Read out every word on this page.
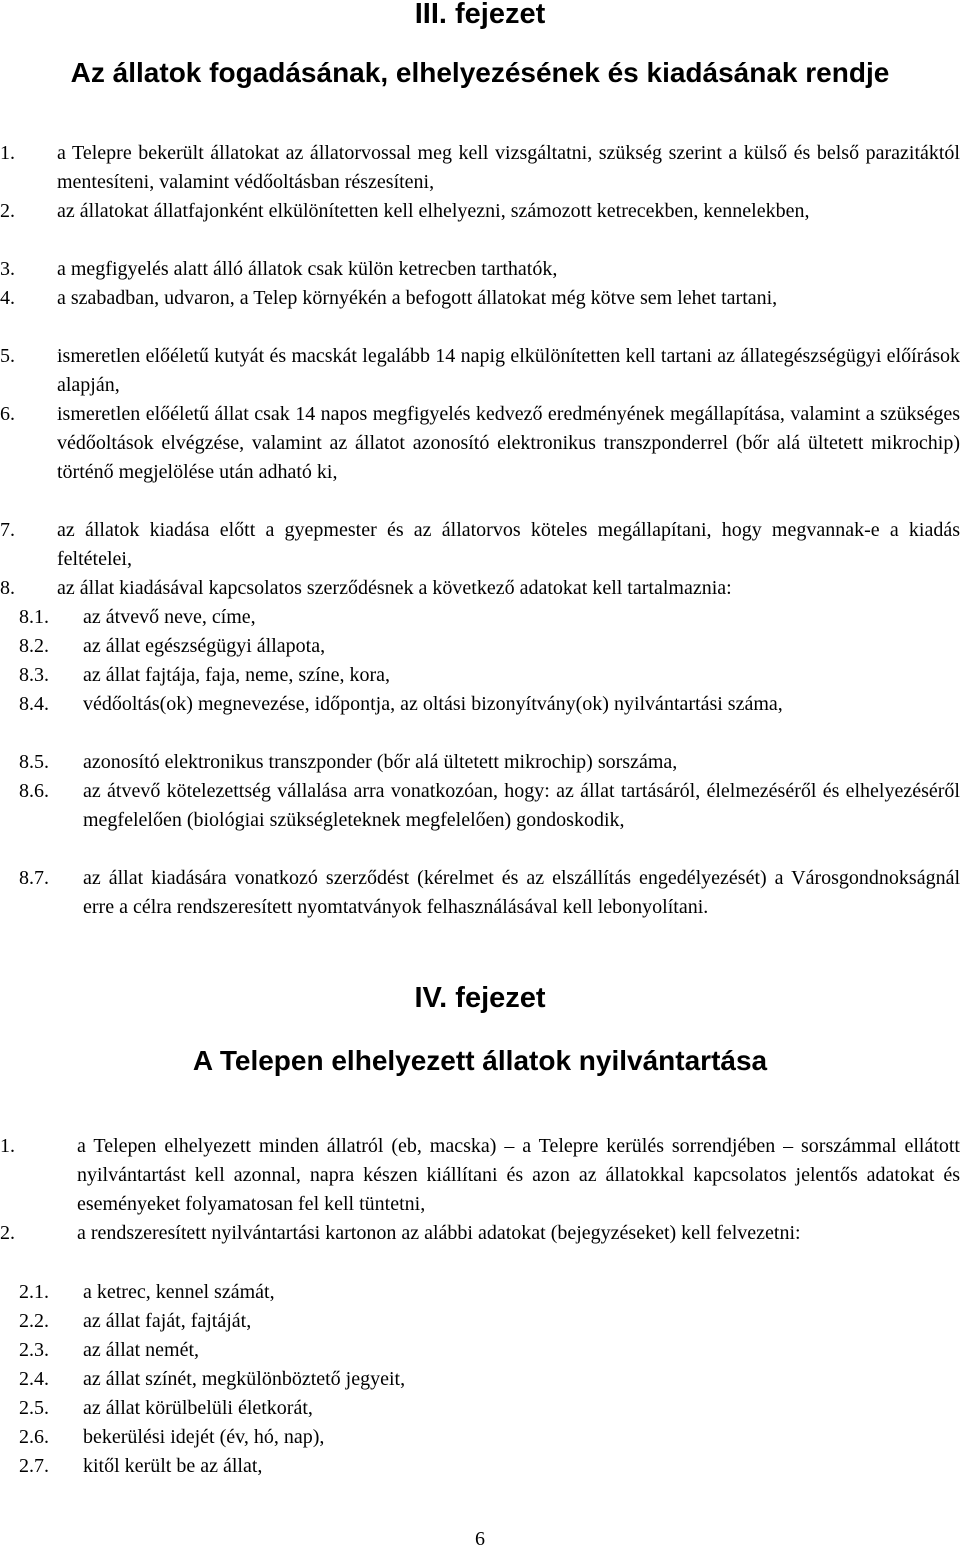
III. fejezet
Az állatok fogadásának, elhelyezésének és kiadásának rendje
1. a Telepre bekerült állatokat az állatorvossal meg kell vizsgáltatni, szükség szerint a külső és belső parazitáktól mentesíteni, valamint védőoltásban részesíteni,
2. az állatokat állatfajonként elkülönítetten kell elhelyezni, számozott ketrecekben, kennelekben,
3. a megfigyelés alatt álló állatok csak külön ketrecben tarthatók,
4. a szabadban, udvaron, a Telep környékén a befogott állatokat még kötve sem lehet tartani,
5. ismeretlen előéletű kutyát és macskát legalább 14 napig elkülönítetten kell tartani az állategészségügyi előírások alapján,
6. ismeretlen előéletű állat csak 14 napos megfigyelés kedvező eredményének megállapítása, valamint a szükséges védőoltások elvégzése, valamint az állatot azonosító elektronikus transzponderrel (bőr alá ültetett mikrochip) történő megjelölése után adható ki,
7. az állatok kiadása előtt a gyepmester és az állatorvos köteles megállapítani, hogy megvannak-e a kiadás feltételei,
8. az állat kiadásával kapcsolatos szerződésnek a következő adatokat kell tartalmaznia:
8.1. az átvevő neve, címe,
8.2. az állat egészségügyi állapota,
8.3. az állat fajtája, faja, neme, színe, kora,
8.4. védőoltás(ok) megnevezése, időpontja, az oltási bizonyítvány(ok) nyilvántartási száma,
8.5. azonosító elektronikus transzponder (bőr alá ültetett mikrochip) sorszáma,
8.6. az átvevő kötelezettség vállalása arra vonatkozóan, hogy: az állat tartásáról, élelmezéséről és elhelyezéséről megfelelően (biológiai szükségleteknek megfelelően) gondoskodik,
8.7. az állat kiadására vonatkozó szerződést (kérelmet és az elszállítás engedélyezését) a Városgondnokságnál erre a célra rendszeresített nyomtatványok felhasználásával kell lebonyolítani.
IV. fejezet
A Telepen elhelyezett állatok nyilvántartása
1.	a Telepen elhelyezett minden állatról (eb, macska) – a Telepre kerülés sorrendjében – sorszámmal ellátott nyilvántartást kell azonnal, napra készen kiállítani és azon az állatokkal kapcsolatos jelentős adatokat és eseményeket folyamatosan fel kell tüntetni,
2.	a rendszeresített nyilvántartási kartonon az alábbi adatokat (bejegyzéseket) kell felvezetni:
2.1. a ketrec, kennel számát,
2.2. az állat faját, fajtáját,
2.3. az állat nemét,
2.4. az állat színét, megkülönböztető jegyeit,
2.5. az állat körülbelüli életkorát,
2.6. bekerülési idejét (év, hó, nap),
2.7. kitől került be az állat,
6
